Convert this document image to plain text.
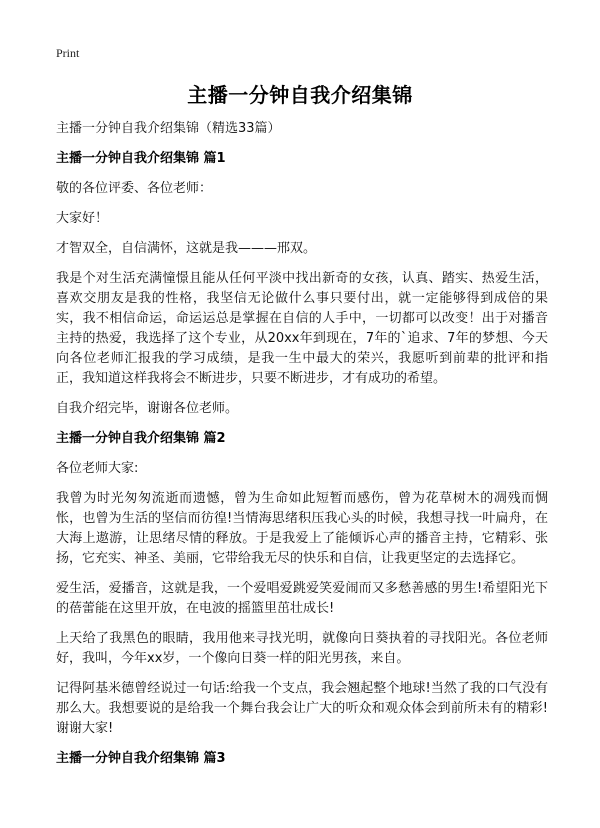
Print
主播一分钟自我介绍集锦
主播一分钟自我介绍集锦（精选33篇）
主播一分钟自我介绍集锦 篇1

敬的各位评委、各位老师：

大家好！

才智双全，自信满怀，这就是我———邢双。

我是个对生活充满憧憬且能从任何平淡中找出新奇的女孩，认真、踏实、热爱生活，喜欢交朋友是我的性格，我坚信无论做什么事只要付出，就一定能够得到成倍的果实，我不相信命运，命运运总是掌握在自信的人手中，一切都可以改变！出于对播音主持的热爱，我选择了这个专业，从20xx年到现在，7年的`追求、7年的梦想、今天向各位老师汇报我的学习成绩，是我一生中最大的荣兴，我愿听到前辈的批评和指正，我知道这样我将会不断进步，只要不断进步，才有成功的希望。

自我介绍完毕，谢谢各位老师。

主播一分钟自我介绍集锦 篇2

各位老师大家:

我曾为时光匆匆流逝而遗憾，曾为生命如此短暂而感伤，曾为花草树木的凋残而惆怅，也曾为生活的坚信而彷徨!当情海思绪积压我心头的时候，我想寻找一叶扁舟，在大海上遨游，让思绪尽情的释放。于是我爱上了能倾诉心声的播音主持，它精彩、张扬，它充实、神圣、美丽，它带给我无尽的快乐和自信，让我更坚定的去选择它。

爱生活，爱播音，这就是我，一个爱唱爱跳爱笑爱闹而又多愁善感的男生!希望阳光下的蓓蕾能在这里开放，在电波的摇篮里茁壮成长!

上天给了我黑色的眼睛，我用他来寻找光明，就像向日葵执着的寻找阳光。各位老师好，我叫，今年xx岁，一个像向日葵一样的阳光男孩，来自。

记得阿基米德曾经说过一句话:给我一个支点，我会翘起整个地球!当然了我的口气没有那么大。我想要说的是给我一个舞台我会让广大的听众和观众体会到前所未有的精彩!谢谢大家!

主播一分钟自我介绍集锦 篇3
